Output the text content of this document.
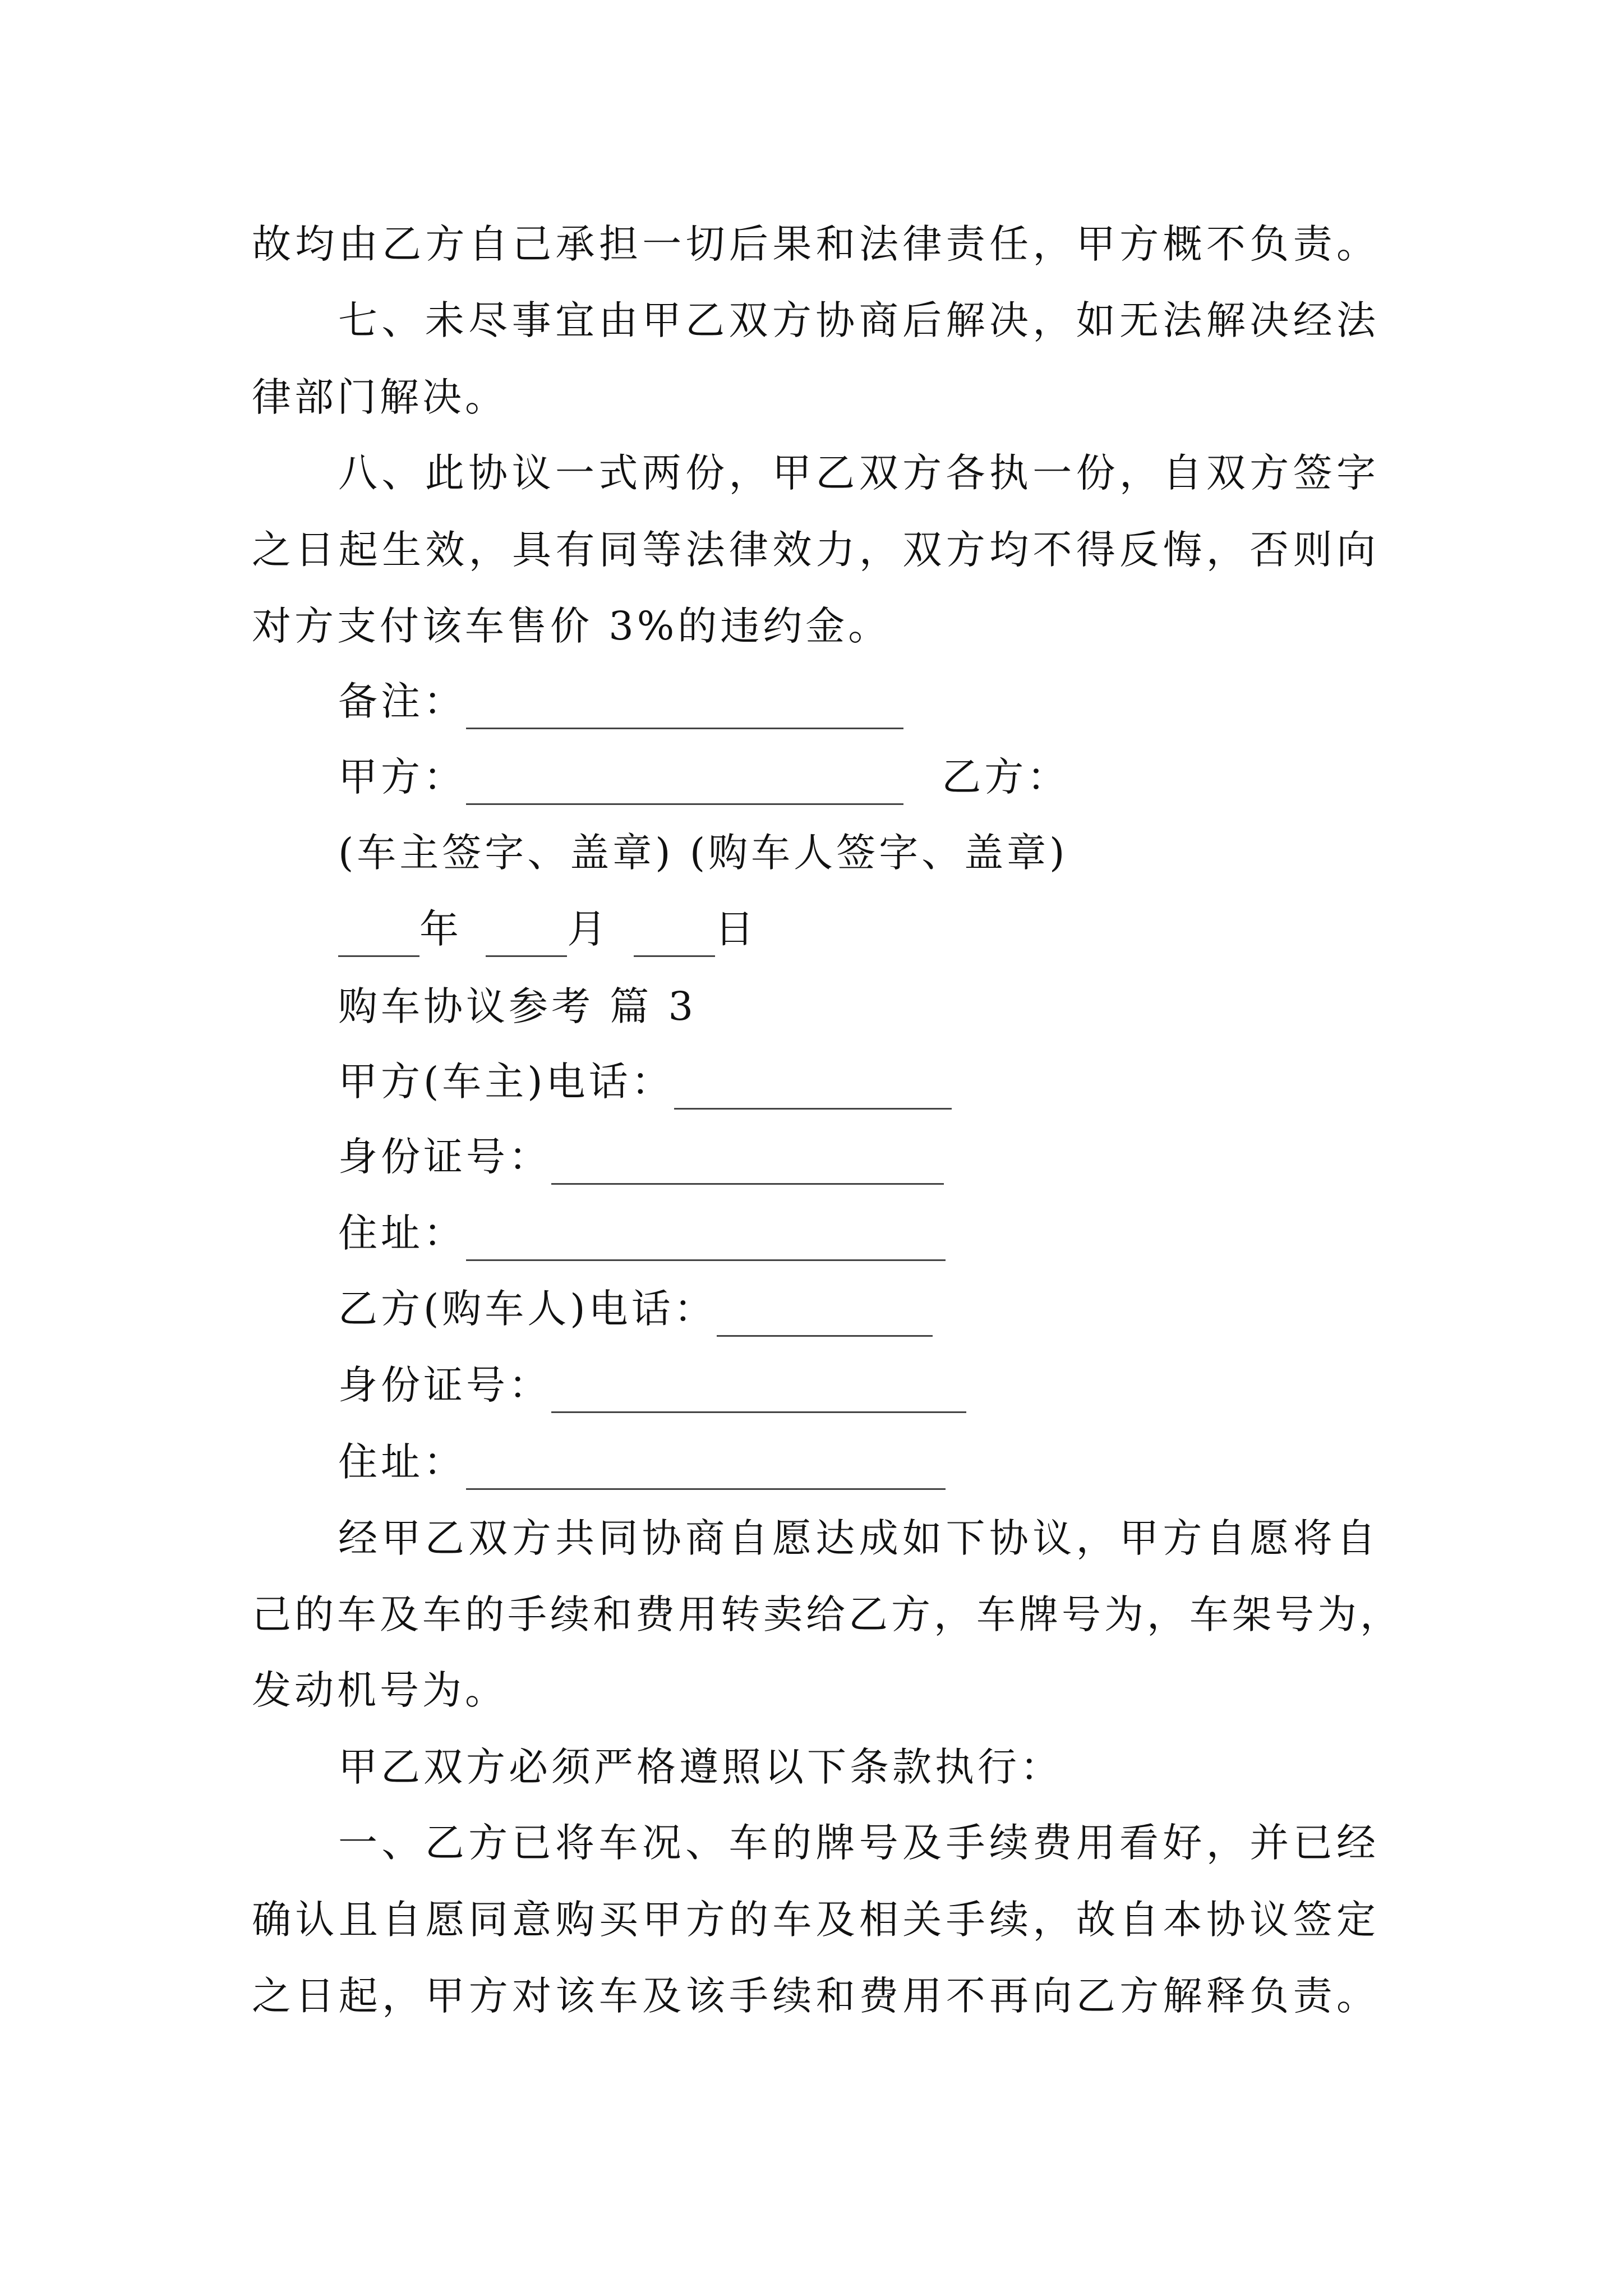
故均由乙方自己承担一切后果和法律责任，甲方概不负责。
七、未尽事宜由甲乙双方协商后解决，如无法解决经法
律部门解决。
八、此协议一式两份，甲乙双方各执一份，自双方签字
之日起生效，具有同等法律效力，双方均不得反悔，否则向
对方支付该车售价 3%的违约金。
备注：
甲方：	乙方：
(车主签字、盖章) (购车人签字、盖章)
年	月	日
购车协议参考 篇 3
甲方(车主)电话：
身份证号：
住址：
乙方(购车人)电话：
身份证号：
住址：
经甲乙双方共同协商自愿达成如下协议，甲方自愿将自
己的车及车的手续和费用转卖给乙方，车牌号为，车架号为，
发动机号为。
甲乙双方必须严格遵照以下条款执行：
一、乙方已将车况、车的牌号及手续费用看好，并已经
确认且自愿同意购买甲方的车及相关手续，故自本协议签定
之日起，甲方对该车及该手续和费用不再向乙方解释负责。
